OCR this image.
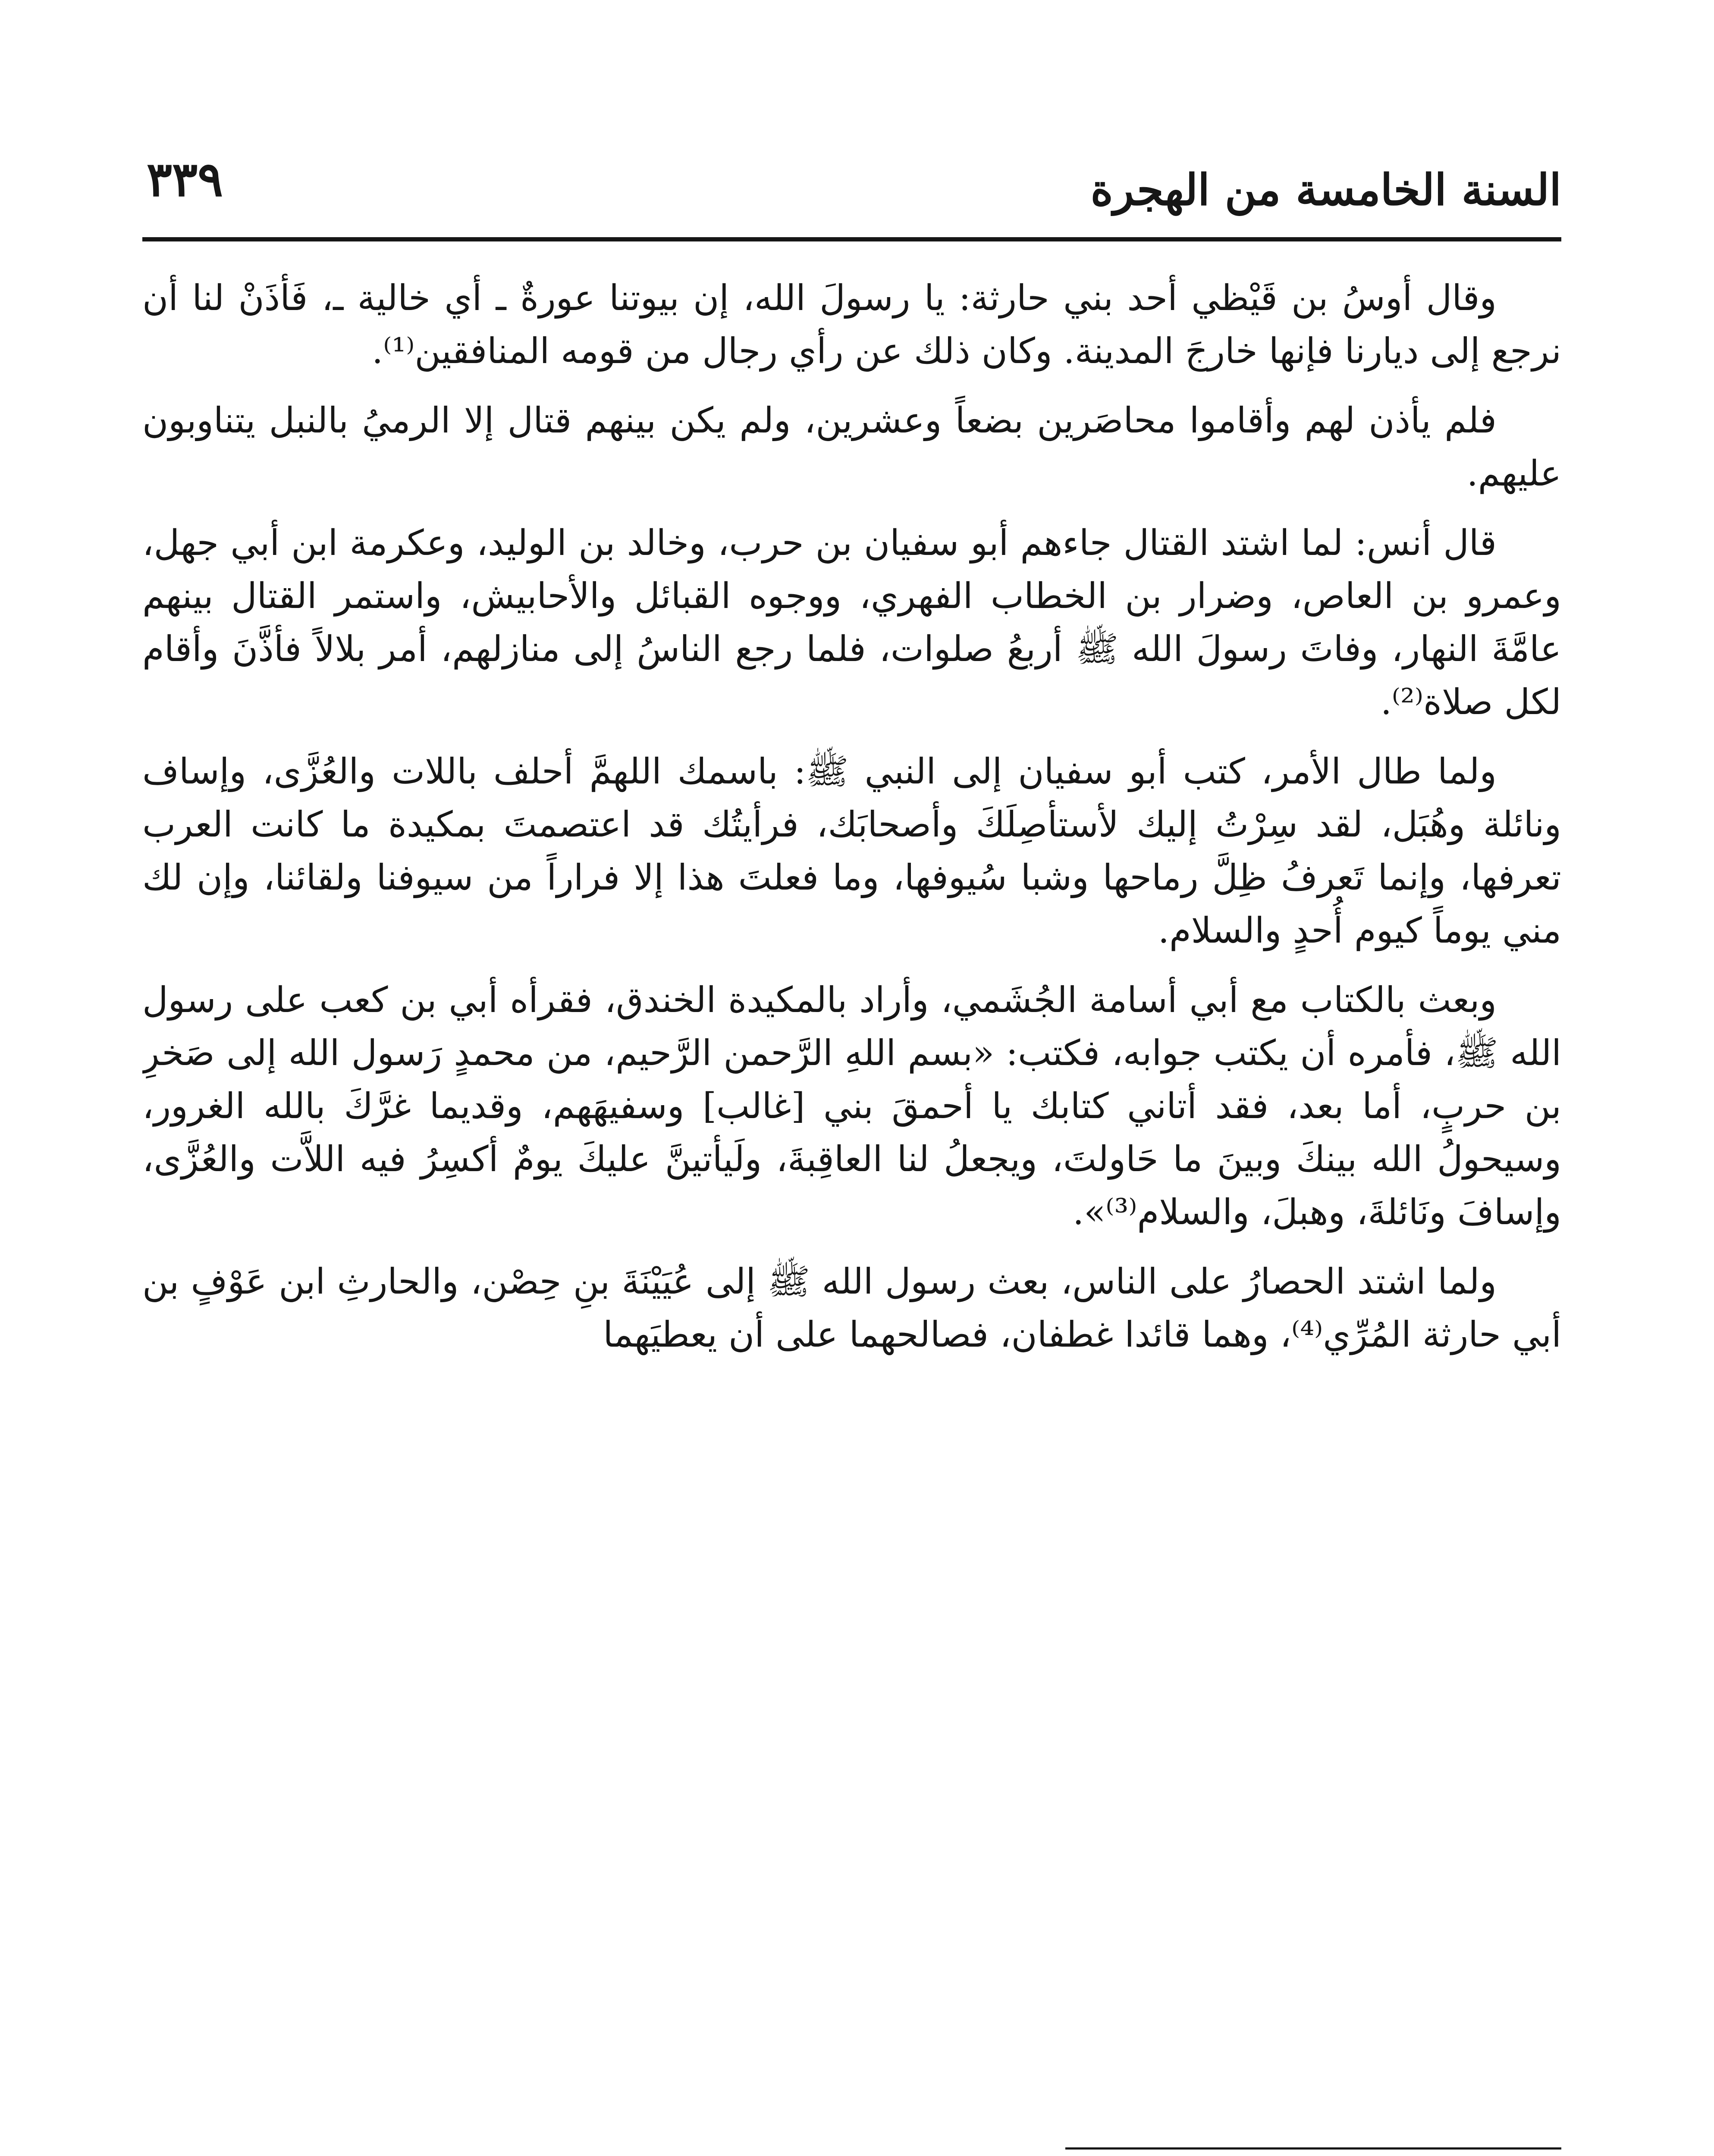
السنة الخامسة من الهجرة
٣٣٩

وقال أوسُ بن قَيْظي أحد بني حارثة: يا رسولَ الله، إن بيوتنا عورةٌ ـ أي خالية ـ، فَأْذَنْ لنا أن نرجع إلى ديارنا فإنها خارجَ المدينة. وكان ذلك عن رأي رجال من قومه المنافقين⁽¹⁾.

فلم يأذن لهم وأقاموا محاصَرين بضعاً وعشرين، ولم يكن بينهم قتال إلا الرميُ بالنبل يتناوبون عليهم.

قال أنس: لما اشتد القتال جاءهم أبو سفيان بن حرب، وخالد بن الوليد، وعكرمة ابن أبي جهل، وعمرو بن العاص، وضرار بن الخطاب الفهري، ووجوه القبائل والأحابيش، واستمر القتال بينهم عامَّةَ النهار، وفاتَ رسولَ الله ﷺ أربعُ صلوات، فلما رجع الناسُ إلى منازلهم، أمر بلالاً فأذَّنَ وأقام لكل صلاة⁽²⁾.

ولما طال الأمر، كتب أبو سفيان إلى النبي ﷺ: باسمك اللهمَّ أحلف باللات والعُزَّى، وإساف ونائلة وهُبَل، لقد سِرْتُ إليك لأستأصِلَكَ وأصحابَك، فرأيتُك قد اعتصمتَ بمكيدة ما كانت العرب تعرفها، وإنما تَعرفُ ظِلَّ رماحها وشبا سُيوفها، وما فعلتَ هذا إلا فراراً من سيوفنا ولقائنا، وإن لك مني يوماً كيوم أُحدٍ والسلام.

وبعث بالكتاب مع أبي أسامة الجُشَمي، وأراد بالمكيدة الخندق، فقرأه أبي بن كعب على رسول الله ﷺ، فأمره أن يكتب جوابه، فكتب: «بسم اللهِ الرَّحمن الرَّحيم، من محمدٍ رَسول الله إلى صَخرِ بن حربٍ، أما بعد، فقد أتاني كتابك يا أحمقَ بني [غالب] وسفيهَهم، وقديما غرَّكَ بالله الغرور، وسيحولُ الله بينكَ وبينَ ما حَاولتَ، ويجعلُ لنا العاقِبةَ، ولَيأتينَّ عليكَ يومٌ أكسِرُ فيه اللاَّت والعُزَّى، وإسافَ ونَائلةَ، وهبلَ، والسلام⁽³⁾».

ولما اشتد الحصارُ على الناس، بعث رسول الله ﷺ إلى عُيَيْنَةَ بنِ حِصْن، والحارثِ ابن عَوْفٍ بن أبي حارثة المُرِّي⁽⁴⁾، وهما قائدا غطفان، فصالحهما على أن يعطيَهما
